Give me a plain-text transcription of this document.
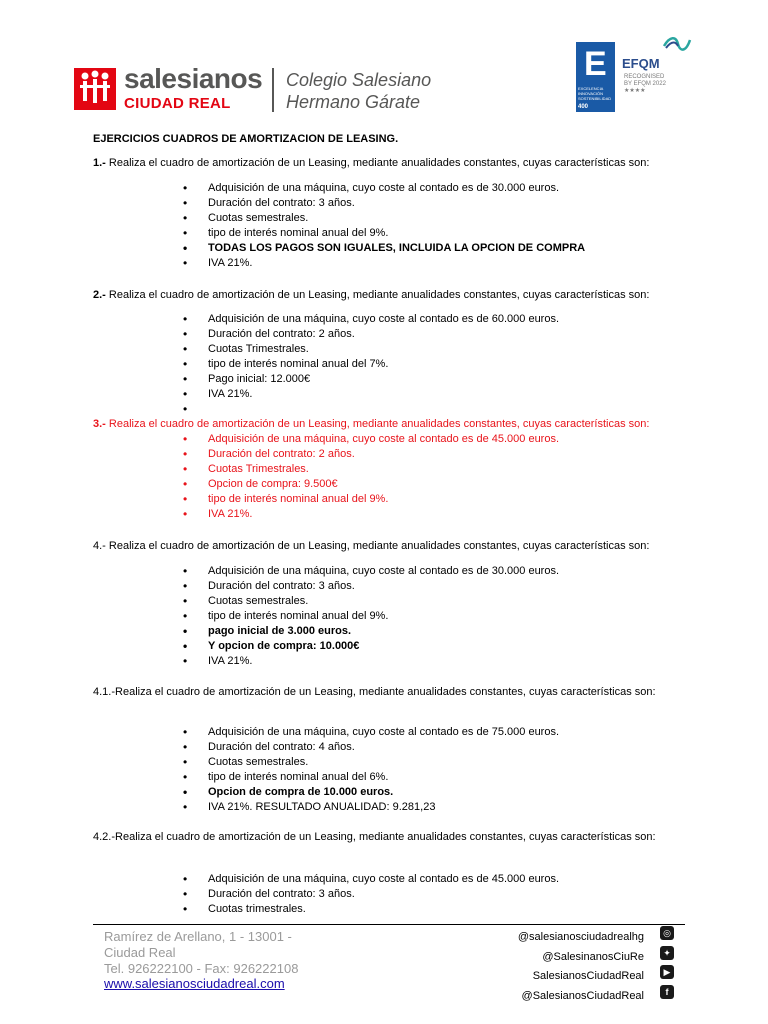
salesianos
CIUDAD REAL
Colegio Salesiano
Hermano Gárate
E
EXCELENCIA INNOVACIÓN SOSTENIBILIDAD
400
EFQM
RECOGNISED
BY EFQM 2022
★★★★
EJERCICIOS CUADROS DE AMORTIZACION DE LEASING.
1.- Realiza el cuadro de amortización de un Leasing, mediante anualidades constantes, cuyas características son:
• Adquisición de una máquina, cuyo coste al contado es de 30.000 euros.
• Duración del contrato: 3 años.
• Cuotas semestrales.
• tipo de interés nominal anual del 9%.
• TODAS LOS PAGOS SON IGUALES, INCLUIDA LA OPCION DE COMPRA
• IVA 21%.
2.- Realiza el cuadro de amortización de un Leasing, mediante anualidades constantes, cuyas características son:
• Adquisición de una máquina, cuyo coste al contado es de 60.000 euros.
• Duración del contrato: 2 años.
• Cuotas Trimestrales.
• tipo de interés nominal anual del 7%.
• Pago inicial: 12.000€
• IVA 21%.
3.- Realiza el cuadro de amortización de un Leasing, mediante anualidades constantes, cuyas características son:
• Adquisición de una máquina, cuyo coste al contado es de 45.000 euros.
• Duración del contrato: 2 años.
• Cuotas Trimestrales.
• Opcion de compra: 9.500€
• tipo de interés nominal anual del 9%.
• IVA 21%.
4.- Realiza el cuadro de amortización de un Leasing, mediante anualidades constantes, cuyas características son:
• Adquisición de una máquina, cuyo coste al contado es de 30.000 euros.
• Duración del contrato: 3 años.
• Cuotas semestrales.
• tipo de interés nominal anual del 9%.
• pago inicial de 3.000 euros.
• Y opcion de compra: 10.000€
• IVA 21%.
4.1.-Realiza el cuadro de amortización de un Leasing, mediante anualidades constantes, cuyas características son:
• Adquisición de una máquina, cuyo coste al contado es de 75.000 euros.
• Duración del contrato: 4 años.
• Cuotas semestrales.
• tipo de interés nominal anual del 6%.
• Opcion de compra de 10.000 euros.
• IVA 21%. RESULTADO ANUALIDAD: 9.281,23
4.2.-Realiza el cuadro de amortización de un Leasing, mediante anualidades constantes, cuyas características son:
• Adquisición de una máquina, cuyo coste al contado es de 45.000 euros.
• Duración del contrato: 3 años.
• Cuotas trimestrales.
Ramírez de Arellano, 1 - 13001 -
Ciudad Real
Tel. 926222100 - Fax: 926222108
www.salesianosciudadreal.com
@salesianosciudadrealhg
@SalesinanosCiuRe
SalesianosCiudadReal
@SalesianosCiudadReal
◎
✦
▶
f
